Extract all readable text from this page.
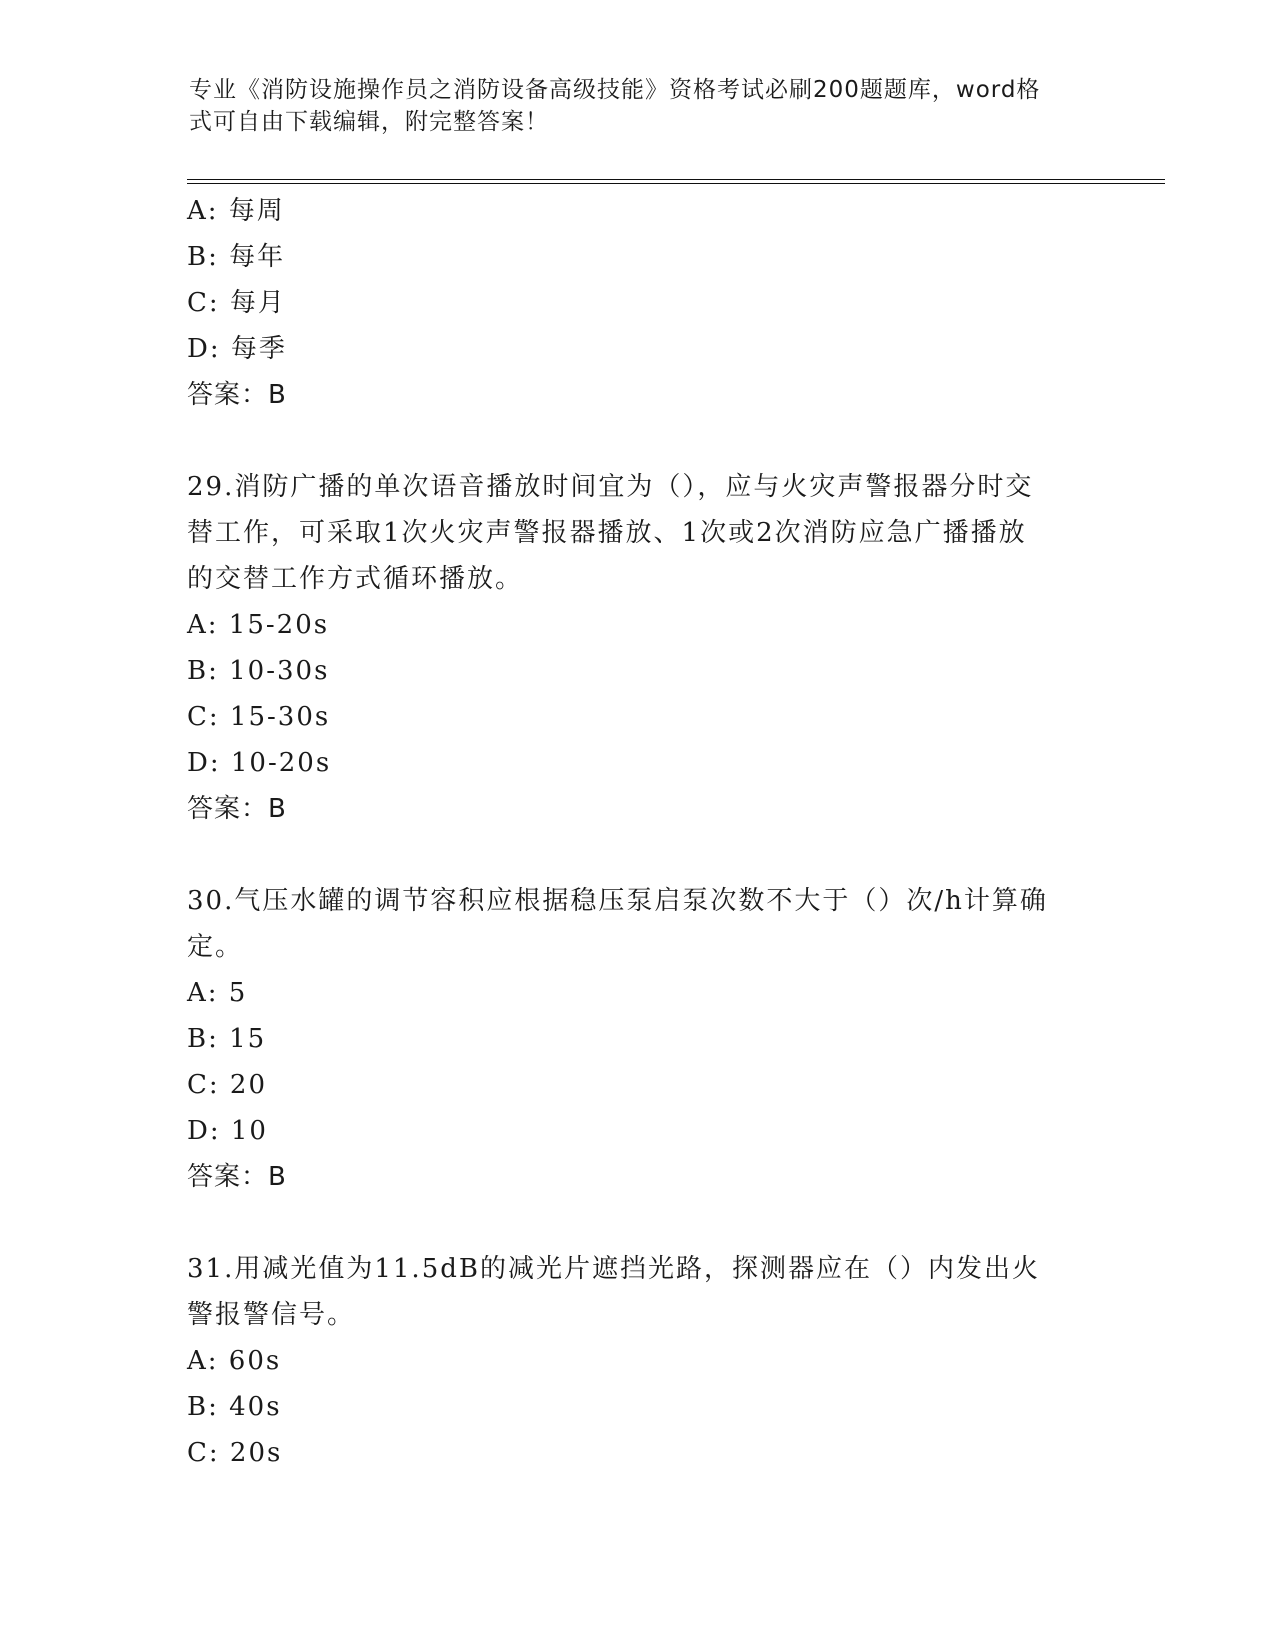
专业《消防设施操作员之消防设备高级技能》资格考试必刷200题题库，word格
式可自由下载编辑，附完整答案！
A: 每周
B: 每年
C: 每月
D: 每季
答案：B
29.消防广播的单次语音播放时间宜为（），应与火灾声警报器分时交
替工作，可采取1次火灾声警报器播放、1次或2次消防应急广播播放
的交替工作方式循环播放。
A: 15-20s
B: 10-30s
C: 15-30s
D: 10-20s
答案：B
30.气压水罐的调节容积应根据稳压泵启泵次数不大于（）次/h计算确
定。
A: 5
B: 15
C: 20
D: 10
答案：B
31.用减光值为11.5dB的减光片遮挡光路，探测器应在（）内发出火
警报警信号。
A: 60s
B: 40s
C: 20s
